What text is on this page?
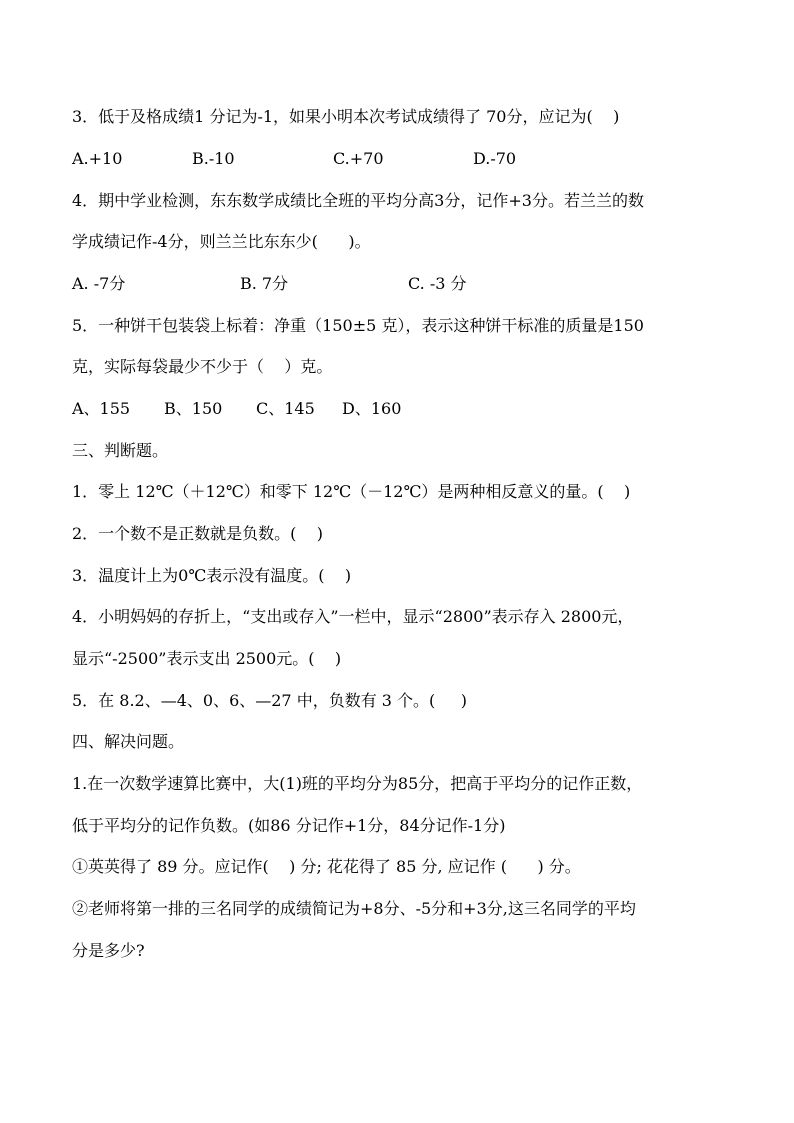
3．低于及格成绩1 分记为-1，如果小明本次考试成绩得了 70分，应记为(    )
A.+10	B.-10	C.+70	D.-70
4．期中学业检测，东东数学成绩比全班的平均分高3分，记作+3分。若兰兰的数
学成绩记作-4分，则兰兰比东东少(      )。
A. -7分	B. 7分	C. -3 分
5．一种饼干包装袋上标着：净重（150±5 克），表示这种饼干标准的质量是150
克，实际每袋最少不少于（    ）克。
A、155 B、150 C、145 D、160
三、判断题。
1．零上 12℃（＋12℃）和零下 12℃（－12℃）是两种相反意义的量。(    )
2．一个数不是正数就是负数。(    )
3．温度计上为0℃表示没有温度。(    )
4．小明妈妈的存折上，“支出或存入”一栏中，显示“2800”表示存入 2800元，
显示“-2500”表示支出 2500元。(    )
5．在 8.2、—4、0、6、—27 中，负数有 3 个。(     )
四、解决问题。
1.在一次数学速算比赛中，大(1)班的平均分为85分，把高于平均分的记作正数，
低于平均分的记作负数。(如86 分记作+1分，84分记作-1分)
①英英得了 89 分。应记作(    ) 分; 花花得了 85 分, 应记作 (      ) 分。
②老师将第一排的三名同学的成绩简记为+8分、-5分和+3分,这三名同学的平均
分是多少?
